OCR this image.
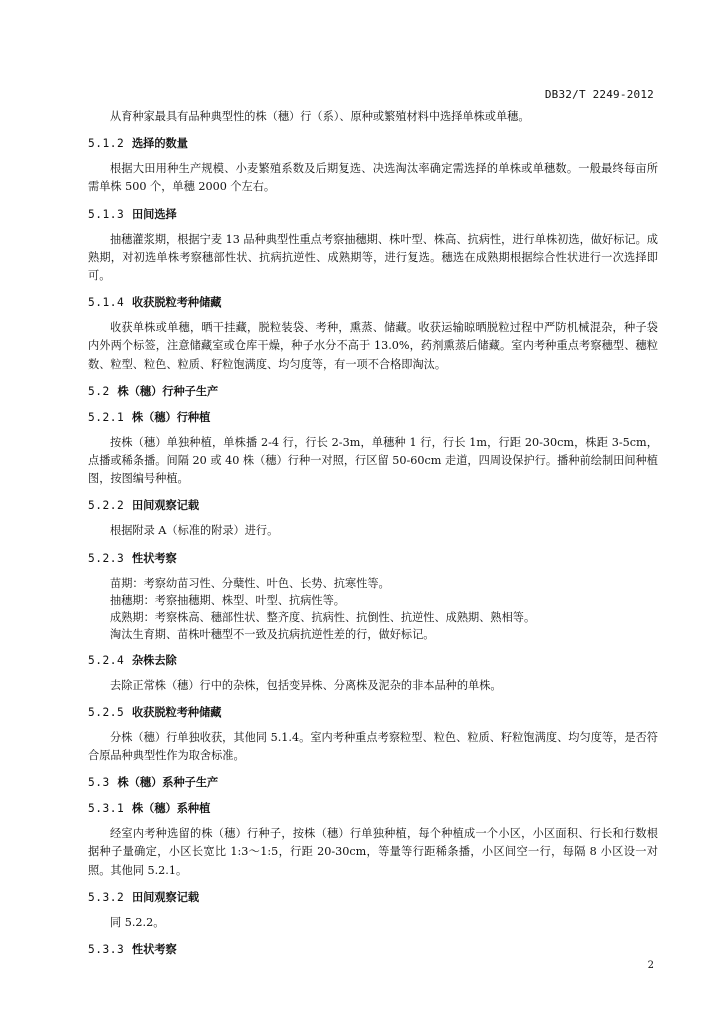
DB32/T 2249-2012

从育种家最具有品种典型性的株（穗）行（系）、原种或繁殖材料中选择单株或单穗。

5.1.2 选择的数量

根据大田用种生产规模、小麦繁殖系数及后期复选、决选淘汰率确定需选择的单株或单穗数。一般最终每亩所需单株 500 个，单穗 2000 个左右。

5.1.3 田间选择

抽穗灌浆期，根据宁麦 13 品种典型性重点考察抽穗期、株叶型、株高、抗病性，进行单株初选，做好标记。成熟期，对初选单株考察穗部性状、抗病抗逆性、成熟期等，进行复选。穗选在成熟期根据综合性状进行一次选择即可。

5.1.4 收获脱粒考种储藏

收获单株或单穗，晒干挂藏，脱粒装袋、考种，熏蒸、储藏。收获运输晾晒脱粒过程中严防机械混杂，种子袋内外两个标签，注意储藏室或仓库干燥，种子水分不高于 13.0%，药剂熏蒸后储藏。室内考种重点考察穗型、穗粒数、粒型、粒色、粒质、籽粒饱满度、均匀度等，有一项不合格即淘汰。

5.2 株（穗）行种子生产
5.2.1 株（穗）行种植

按株（穗）单独种植，单株播 2-4 行，行长 2-3m，单穗种 1 行，行长 1m，行距 20-30cm，株距 3-5cm，点播或稀条播。间隔 20 或 40 株（穗）行种一对照，行区留 50-60cm 走道，四周设保护行。播种前绘制田间种植图，按图编号种植。

5.2.2 田间观察记载

根据附录 A（标准的附录）进行。

5.2.3 性状考察

苗期：考察幼苗习性、分蘖性、叶色、长势、抗寒性等。

抽穗期：考察抽穗期、株型、叶型、抗病性等。

成熟期：考察株高、穗部性状、整齐度、抗病性、抗倒性、抗逆性、成熟期、熟相等。

淘汰生育期、苗株叶穗型不一致及抗病抗逆性差的行，做好标记。

5.2.4 杂株去除

去除正常株（穗）行中的杂株，包括变异株、分离株及泥杂的非本品种的单株。

5.2.5 收获脱粒考种储藏

分株（穗）行单独收获，其他同 5.1.4。室内考种重点考察粒型、粒色、粒质、籽粒饱满度、均匀度等，是否符合原品种典型性作为取舍标准。

5.3 株（穗）系种子生产
5.3.1 株（穗）系种植

经室内考种选留的株（穗）行种子，按株（穗）行单独种植，每个种植成一个小区，小区面积、行长和行数根据种子量确定，小区长宽比 1:3～1:5，行距 20-30cm，等量等行距稀条播，小区间空一行，每隔 8 小区设一对照。其他同 5.2.1。

5.3.2 田间观察记载

同 5.2.2。

5.3.3 性状考察
2
